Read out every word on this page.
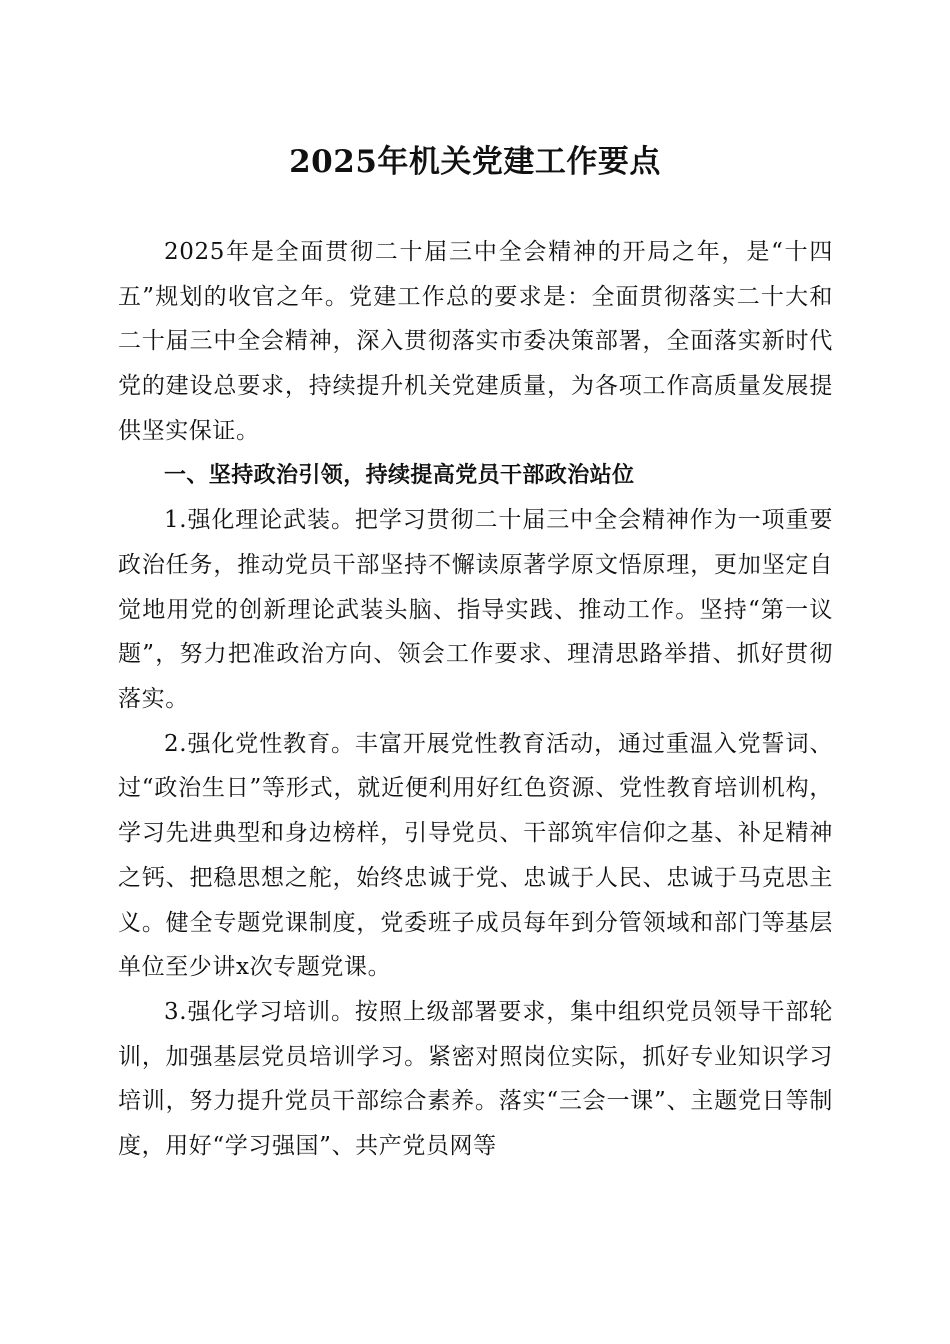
2025年机关党建工作要点

2025年是全面贯彻二十届三中全会精神的开局之年，是“十四五”规划的收官之年。党建工作总的要求是：全面贯彻落实二十大和二十届三中全会精神，深入贯彻落实市委决策部署，全面落实新时代党的建设总要求，持续提升机关党建质量，为各项工作高质量发展提供坚实保证。

一、坚持政治引领，持续提高党员干部政治站位

1.强化理论武装。把学习贯彻二十届三中全会精神作为一项重要政治任务，推动党员干部坚持不懈读原著学原文悟原理，更加坚定自觉地用党的创新理论武装头脑、指导实践、推动工作。坚持“第一议题”，努力把准政治方向、领会工作要求、理清思路举措、抓好贯彻落实。

2.强化党性教育。丰富开展党性教育活动，通过重温入党誓词、过“政治生日”等形式，就近便利用好红色资源、党性教育培训机构，学习先进典型和身边榜样，引导党员、干部筑牢信仰之基、补足精神之钙、把稳思想之舵，始终忠诚于党、忠诚于人民、忠诚于马克思主义。健全专题党课制度，党委班子成员每年到分管领域和部门等基层单位至少讲x次专题党课。

3.强化学习培训。按照上级部署要求，集中组织党员领导干部轮训，加强基层党员培训学习。紧密对照岗位实际，抓好专业知识学习培训，努力提升党员干部综合素养。落实“三会一课”、主题党日等制度，用好“学习强国”、共产党员网等
